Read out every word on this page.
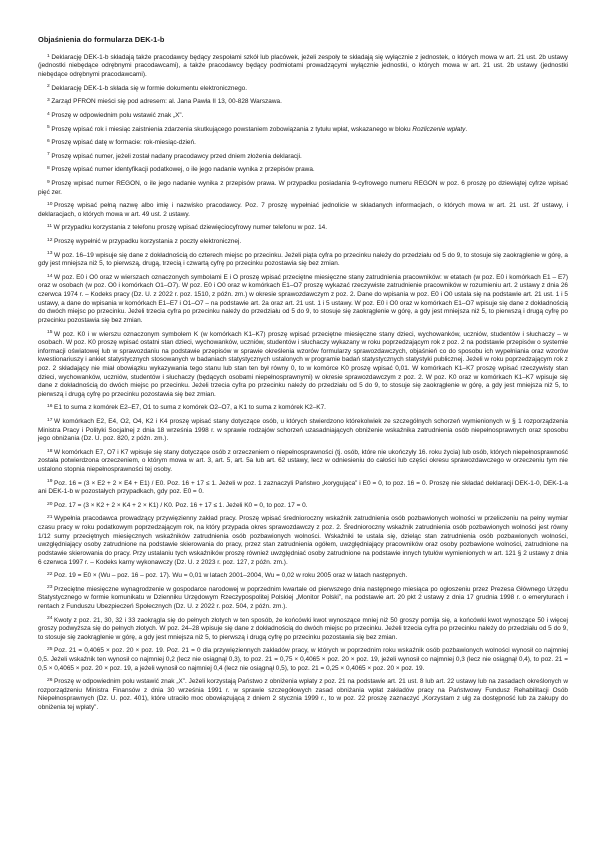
Objaśnienia do formularza DEK-1-b

$^1$ Deklarację DEK-1-b składają także pracodawcy będący zespołami szkół lub placówek, jeżeli zespoły te składają się wyłącznie z jednostek, o których mowa w art. 21 ust. 2b ustawy (jednostki niebędące odrębnymi pracodawcami), a także pracodawcy będący podmiotami prowadzącymi wyłącznie jednostki, o których mowa w art. 21 ust. 2b ustawy (jednostki niebędące odrębnymi pracodawcami).

$^2$ Deklarację DEK-1-b składa się w formie dokumentu elektronicznego.

$^3$ Zarząd PFRON mieści się pod adresem: al. Jana Pawła II 13, 00-828 Warszawa.

$^4$ Proszę w odpowiednim polu wstawić znak „X”.

$^5$ Proszę wpisać rok i miesiąc zaistnienia zdarzenia skutkującego powstaniem zobowiązania z tytułu wpłat, wskazanego w bloku Rozliczenie wpłaty.

$^6$ Proszę wpisać datę w formacie: rok-miesiąc-dzień.

$^7$ Proszę wpisać numer, jeżeli został nadany pracodawcy przed dniem złożenia deklaracji.

$^8$ Proszę wpisać numer identyfikacji podatkowej, o ile jego nadanie wynika z przepisów prawa.

$^9$ Proszę wpisać numer REGON, o ile jego nadanie wynika z przepisów prawa. W przypadku posiadania 9-cyfrowego numeru REGON w poz. 6 proszę po dziewiątej cyfrze wpisać pięć zer.

$^{10}$ Proszę wpisać pełną nazwę albo imię i nazwisko pracodawcy. Poz. 7 proszę wypełniać jednolicie w składanych informacjach, o których mowa w art. 21 ust. 2f ustawy, i deklaracjach, o których mowa w art. 49 ust. 2 ustawy.

$^{11}$ W przypadku korzystania z telefonu proszę wpisać dziewięciocyfrowy numer telefonu w poz. 14.

$^{12}$ Proszę wypełnić w przypadku korzystania z poczty elektronicznej.

$^{13}$ W poz. 16–19 wpisuje się dane z dokładnością do czterech miejsc po przecinku. Jeżeli piąta cyfra po przecinku należy do przedziału od 5 do 9, to stosuje się zaokrąglenie w górę, a gdy jest mniejsza niż 5, to pierwszą, drugą, trzecią i czwartą cyfrę po przecinku pozostawia się bez zmian.

$^{14}$ W poz. E0 i O0 oraz w wierszach oznaczonych symbolami E i O proszę wpisać przeciętne miesięczne stany zatrudnienia pracowników: w etatach (w poz. E0 i komórkach E1 – E7) oraz w osobach (w poz. O0 i komórkach O1–O7). W poz. E0 i O0 oraz w komórkach E1–O7 proszę wykazać rzeczywiste zatrudnienie pracowników w rozumieniu art. 2 ustawy z dnia 26 czerwca 1974 r. – Kodeks pracy (Dz. U. z 2022 r. poz. 1510, z późn. zm.) w okresie sprawozdawczym z poz. 2. Dane do wpisania w poz. E0 i O0 ustala się na podstawie art. 21 ust. 1 i 5 ustawy, a dane do wpisania w komórkach E1–E7 i O1–O7 – na podstawie art. 2a oraz art. 21 ust. 1 i 5 ustawy. W poz. E0 i O0 oraz w komórkach E1–O7 wpisuje się dane z dokładnością do dwóch miejsc po przecinku. Jeżeli trzecia cyfra po przecinku należy do przedziału od 5 do 9, to stosuje się zaokrąglenie w górę, a gdy jest mniejsza niż 5, to pierwszą i drugą cyfrę po przecinku pozostawia się bez zmian.

$^{15}$ W poz. K0 i w wierszu oznaczonym symbolem K (w komórkach K1–K7) proszę wpisać przeciętne miesięczne stany dzieci, wychowanków, uczniów, studentów i słuchaczy – w osobach. W poz. K0 proszę wpisać ostatni stan dzieci, wychowanków, uczniów, studentów i słuchaczy wykazany w roku poprzedzającym rok z poz. 2 na podstawie przepisów o systemie informacji oświatowej lub w sprawozdaniu na podstawie przepisów w sprawie określenia wzorów formularzy sprawozdawczych, objaśnień co do sposobu ich wypełniania oraz wzorów kwestionariuszy i ankiet statystycznych stosowanych w badaniach statystycznych ustalonych w programie badań statystycznych statystyki publicznej. Jeżeli w roku poprzedzającym rok z poz. 2 składający nie miał obowiązku wykazywania tego stanu lub stan ten był równy 0, to w komórce K0 proszę wpisać 0,01. W komórkach K1–K7 proszę wpisać rzeczywisty stan dzieci, wychowanków, uczniów, studentów i słuchaczy (będących osobami niepełnosprawnymi) w okresie sprawozdawczym z poz. 2. W poz. K0 oraz w komórkach K1–K7 wpisuje się dane z dokładnością do dwóch miejsc po przecinku. Jeżeli trzecia cyfra po przecinku należy do przedziału od 5 do 9, to stosuje się zaokrąglenie w górę, a gdy jest mniejsza niż 5, to pierwszą i drugą cyfrę po przecinku pozostawia się bez zmian.

$^{16}$ E1 to suma z komórek E2–E7, O1 to suma z komórek O2–O7, a K1 to suma z komórek K2–K7.

$^{17}$ W komórkach E2, E4, O2, O4, K2 i K4 proszę wpisać stany dotyczące osób, u których stwierdzono którekolwiek ze szczególnych schorzeń wymienionych w § 1 rozporządzenia Ministra Pracy i Polityki Socjalnej z dnia 18 września 1998 r. w sprawie rodzajów schorzeń uzasadniających obniżenie wskaźnika zatrudnienia osób niepełnosprawnych oraz sposobu jego obniżania (Dz. U. poz. 820, z późn. zm.).

$^{18}$ W komórkach E7, O7 i K7 wpisuje się stany dotyczące osób z orzeczeniem o niepełnosprawności (tj. osób, które nie ukończyły 16. roku życia) lub osób, których niepełnosprawność została potwierdzona orzeczeniem, o którym mowa w art. 3, art. 5, art. 5a lub art. 62 ustawy, lecz w odniesieniu do całości lub części okresu sprawozdawczego w orzeczeniu tym nie ustalono stopnia niepełnosprawności tej osoby.

$^{19}$ Poz. 16 = (3 × E2 + 2 × E4 + E1) / E0. Poz. 16 + 17 ≤ 1. Jeżeli w poz. 1 zaznaczyli Państwo „korygująca” i E0 = 0, to poz. 16 = 0. Proszę nie składać deklaracji DEK-1-0, DEK-1-a ani DEK-1-b w pozostałych przypadkach, gdy poz. E0 = 0.

$^{20}$ Poz. 17 = (3 × K2 + 2 × K4 + 2 × K1) / K0. Poz. 16 + 17 ≤ 1. Jeżeli K0 = 0, to poz. 17 = 0.

$^{21}$ Wypełnia pracodawca prowadzący przywięzienny zakład pracy. Proszę wpisać średnioroczny wskaźnik zatrudnienia osób pozbawionych wolności w przeliczeniu na pełny wymiar czasu pracy w roku podatkowym poprzedzającym rok, na który przypada okres sprawozdawczy z poz. 2. Średnioroczny wskaźnik zatrudnienia osób pozbawionych wolności jest równy 1/12 sumy przeciętnych miesięcznych wskaźników zatrudnienia osób pozbawionych wolności. Wskaźniki te ustala się, dzieląc stan zatrudnienia osób pozbawionych wolności, uwzględniający osoby zatrudnione na podstawie skierowania do pracy, przez stan zatrudnienia ogółem, uwzględniający pracowników oraz osoby pozbawione wolności, zatrudnione na podstawie skierowania do pracy. Przy ustalaniu tych wskaźników proszę również uwzględniać osoby zatrudnione na podstawie innych tytułów wymienionych w art. 121 § 2 ustawy z dnia 6 czerwca 1997 r. – Kodeks karny wykonawczy (Dz. U. z 2023 r. poz. 127, z późn. zm.).

$^{22}$ Poz. 19 = E0 × (Wu – poz. 16 – poz. 17). Wu = 0,01 w latach 2001–2004, Wu = 0,02 w roku 2005 oraz w latach następnych.

$^{23}$ Przeciętne miesięczne wynagrodzenie w gospodarce narodowej w poprzednim kwartale od pierwszego dnia następnego miesiąca po ogłoszeniu przez Prezesa Głównego Urzędu Statystycznego w formie komunikatu w Dzienniku Urzędowym Rzeczypospolitej Polskiej „Monitor Polski”, na podstawie art. 20 pkt 2 ustawy z dnia 17 grudnia 1998 r. o emeryturach i rentach z Funduszu Ubezpieczeń Społecznych (Dz. U. z 2022 r. poz. 504, z późn. zm.).

$^{24}$ Kwoty z poz. 21, 30, 32 i 33 zaokrągla się do pełnych złotych w ten sposób, że końcówki kwot wynoszące mniej niż 50 groszy pomija się, a końcówki kwot wynoszące 50 i więcej groszy podwyższa się do pełnych złotych. W poz. 24–28 wpisuje się dane z dokładnością do dwóch miejsc po przecinku. Jeżeli trzecia cyfra po przecinku należy do przedziału od 5 do 9, to stosuje się zaokrąglenie w górę, a gdy jest mniejsza niż 5, to pierwszą i drugą cyfrę po przecinku pozostawia się bez zmian.

$^{25}$ Poz. 21 = 0,4065 × poz. 20 × poz. 19. Poz. 21 = 0 dla przywięziennych zakładów pracy, w których w poprzednim roku wskaźnik osób pozbawionych wolności wynosił co najmniej 0,5. Jeżeli wskaźnik ten wynosił co najmniej 0,2 (lecz nie osiągnął 0,3), to poz. 21 = 0,75 × 0,4065 × poz. 20 × poz. 19, jeżeli wynosił co najmniej 0,3 (lecz nie osiągnął 0,4), to poz. 21 = 0,5 × 0,4065 × poz. 20 × poz. 19, a jeżeli wynosił co najmniej 0,4 (lecz nie osiągnął 0,5), to poz. 21 = 0,25 × 0,4065 × poz. 20 × poz. 19.

$^{26}$ Proszę w odpowiednim polu wstawić znak „X”. Jeżeli korzystają Państwo z obniżenia wpłaty z poz. 21 na podstawie art. 21 ust. 8 lub art. 22 ustawy lub na zasadach określonych w rozporządzeniu Ministra Finansów z dnia 30 września 1991 r. w sprawie szczegółowych zasad obniżania wpłat zakładów pracy na Państwowy Fundusz Rehabilitacji Osób Niepełnosprawnych (Dz. U. poz. 401), które utraciło moc obowiązującą z dniem 2 stycznia 1999 r., to w poz. 22 proszę zaznaczyć „Korzystam z ulg za dostępność lub za zakupy do obniżenia tej wpłaty”.
